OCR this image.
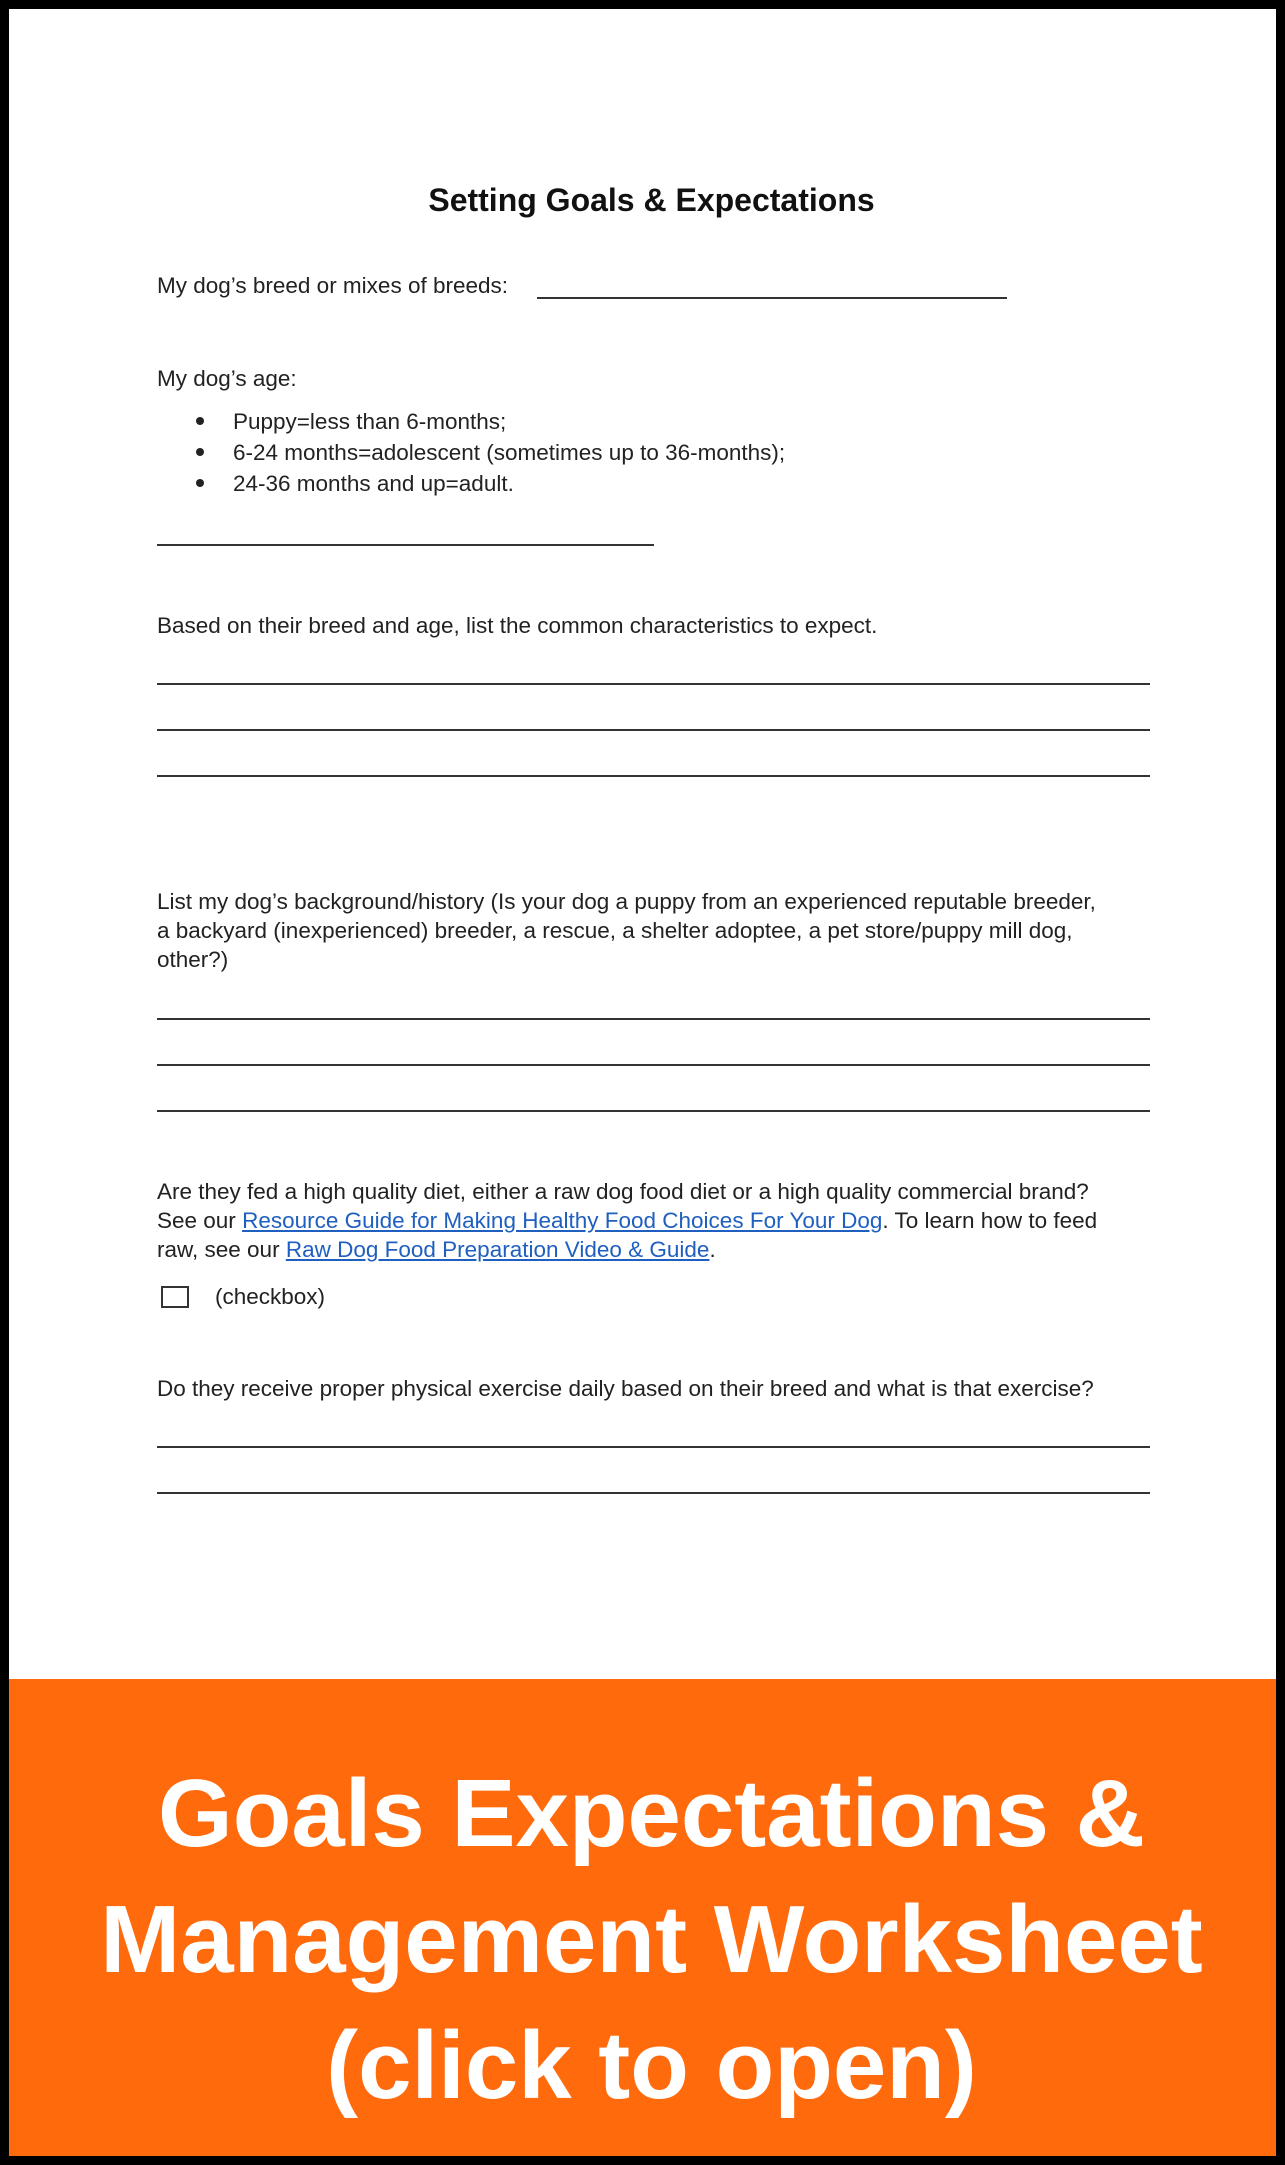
Setting Goals & Expectations
My dog’s breed or mixes of breeds:
My dog’s age:
Puppy=less than 6-months;
6-24 months=adolescent (sometimes up to 36-months);
24-36 months and up=adult.
Based on their breed and age, list the common characteristics to expect.
List my dog’s background/history (Is your dog a puppy from an experienced reputable breeder,
a backyard (inexperienced) breeder, a rescue, a shelter adoptee, a pet store/puppy mill dog,
other?)
Are they fed a high quality diet, either a raw dog food diet or a high quality commercial brand?
See our Resource Guide for Making Healthy Food Choices For Your Dog. To learn how to feed
raw, see our Raw Dog Food Preparation Video & Guide.
(checkbox)
Do they receive proper physical exercise daily based on their breed and what is that exercise?
Goals Expectations &
Management Worksheet
(click to open)
